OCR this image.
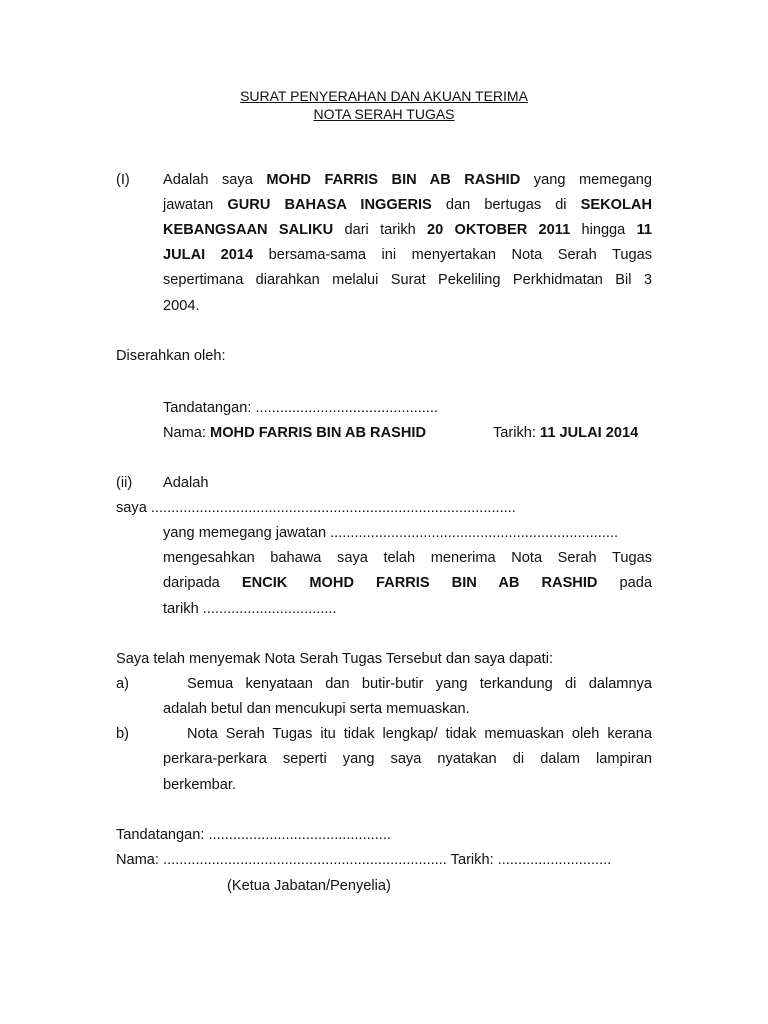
SURAT PENYERAHAN DAN AKUAN TERIMA
NOTA SERAH TUGAS
(I) Adalah saya MOHD FARRIS BIN AB RASHID yang memegang
jawatan GURU BAHASA INGGERIS dan bertugas di SEKOLAH
KEBANGSAAN SALIKU dari tarikh 20 OKTOBER 2011 hingga 11
JULAI 2014 bersama-sama ini menyertakan Nota Serah Tugas
sepertimana diarahkan melalui Surat Pekeliling Perkhidmatan Bil 3
2004.
Diserahkan oleh:
Tandatangan: .............................................
Nama: MOHD FARRIS BIN AB RASHID	Tarikh: 11 JULAI 2014
(ii) Adalah
saya ..........................................................................................
yang memegang jawatan .......................................................................
mengesahkan bahawa saya telah menerima Nota Serah Tugas
daripada ENCIK MOHD FARRIS BIN AB RASHID pada
tarikh .................................
Saya telah menyemak Nota Serah Tugas Tersebut dan saya dapati:
a)	Semua kenyataan dan butir-butir yang terkandung di dalamnya
adalah betul dan mencukupi serta memuaskan.
b)	Nota Serah Tugas itu tidak lengkap/ tidak memuaskan oleh kerana
perkara-perkara seperti yang saya nyatakan di dalam lampiran
berkembar.
Tandatangan: .............................................
Nama: ...................................................................... Tarikh: ............................
(Ketua Jabatan/Penyelia)
